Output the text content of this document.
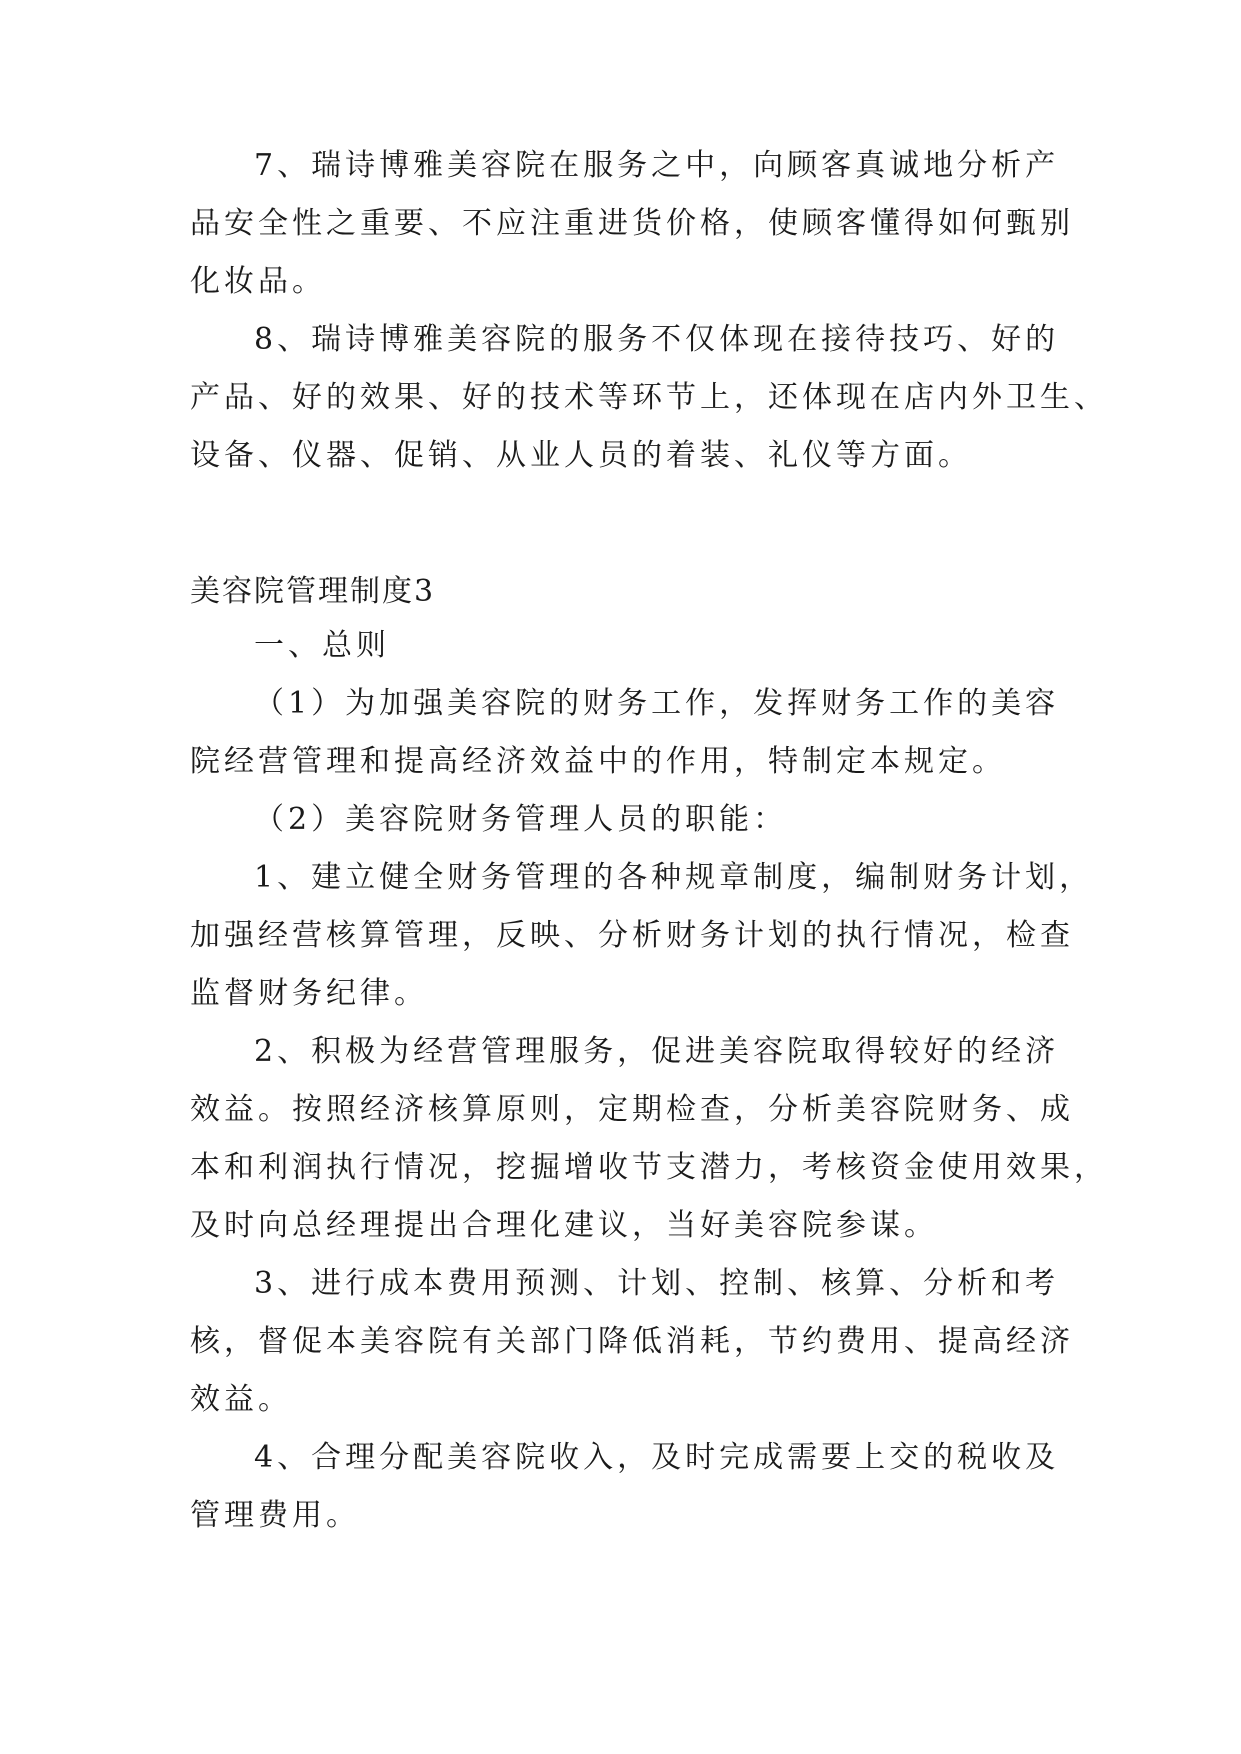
7、瑞诗博雅美容院在服务之中，向顾客真诚地分析产
品安全性之重要、不应注重进货价格，使顾客懂得如何甄别
化妆品。
8、瑞诗博雅美容院的服务不仅体现在接待技巧、好的
产品、好的效果、好的技术等环节上，还体现在店内外卫生、
设备、仪器、促销、从业人员的着装、礼仪等方面。
美容院管理制度3
一、总则
（1）为加强美容院的财务工作，发挥财务工作的美容
院经营管理和提高经济效益中的作用，特制定本规定。
（2）美容院财务管理人员的职能：
1、建立健全财务管理的各种规章制度，编制财务计划，
加强经营核算管理，反映、分析财务计划的执行情况，检查
监督财务纪律。
2、积极为经营管理服务，促进美容院取得较好的经济
效益。按照经济核算原则，定期检查，分析美容院财务、成
本和利润执行情况，挖掘增收节支潜力，考核资金使用效果，
及时向总经理提出合理化建议，当好美容院参谋。
3、进行成本费用预测、计划、控制、核算、分析和考
核，督促本美容院有关部门降低消耗，节约费用、提高经济
效益。
4、合理分配美容院收入，及时完成需要上交的税收及
管理费用。
